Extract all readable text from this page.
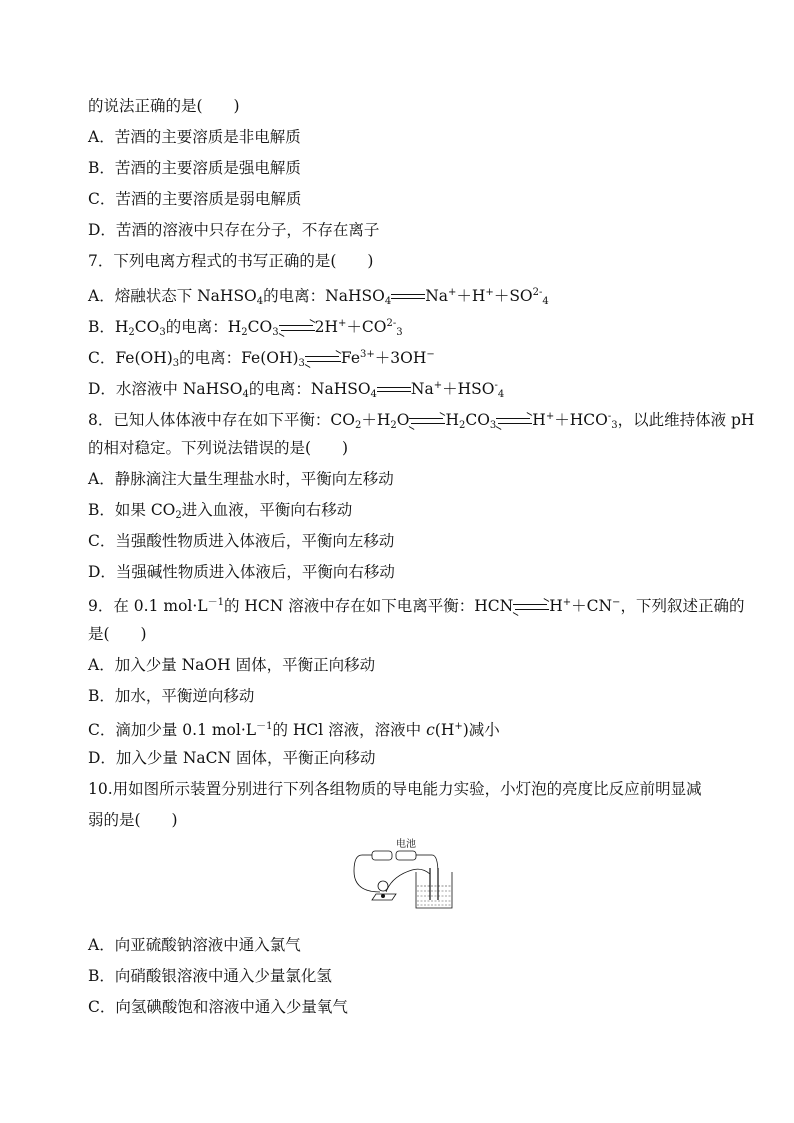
的说法正确的是(　　)
A．苦酒的主要溶质是非电解质
B．苦酒的主要溶质是强电解质
C．苦酒的主要溶质是弱电解质
D．苦酒的溶液中只存在分子，不存在离子
7．下列电离方程式的书写正确的是(　　)
A．熔融状态下 NaHSO$_4$的电离：NaHSO$_4$ $Na^++H^++SO^{2-}_4$
B．$H_2CO_3$的电离：$H_2CO_3$ $2H^++CO^{2-}_3$
C．$Fe(OH)_3$的电离：$Fe(OH)_3$ $Fe^{3+}+3OH^-$
D．水溶液中 NaHSO$_4$的电离：NaHSO$_4$ $Na^++HSO^-_4$
8．已知人体体液中存在如下平衡：$CO_2+H_2O$ $H_2CO_3$ $H^++HCO^-_3$，以此维持体液 pH
的相对稳定。下列说法错误的是(　　)
A．静脉滴注大量生理盐水时，平衡向左移动
B．如果 $CO_2$进入血液，平衡向右移动
C．当强酸性物质进入体液后，平衡向左移动
D．当强碱性物质进入体液后，平衡向右移动
9．在 0.1 $mol\cdot L^{-1}$的 HCN 溶液中存在如下电离平衡：HCN H+＋CN−，下列叙述正确的
是(　　)
A．加入少量 NaOH 固体，平衡正向移动
B．加水，平衡逆向移动
C．滴加少量 0.1 $mol\cdot L^{-1}$的 HCl 溶液，溶液中 c(H+)减小
D．加入少量 NaCN 固体，平衡正向移动
10.用如图所示装置分别进行下列各组物质的导电能力实验，小灯泡的亮度比反应前明显减
弱的是(　　)
电池
A．向亚硫酸钠溶液中通入氯气
B．向硝酸银溶液中通入少量氯化氢
C．向氢碘酸饱和溶液中通入少量氧气
